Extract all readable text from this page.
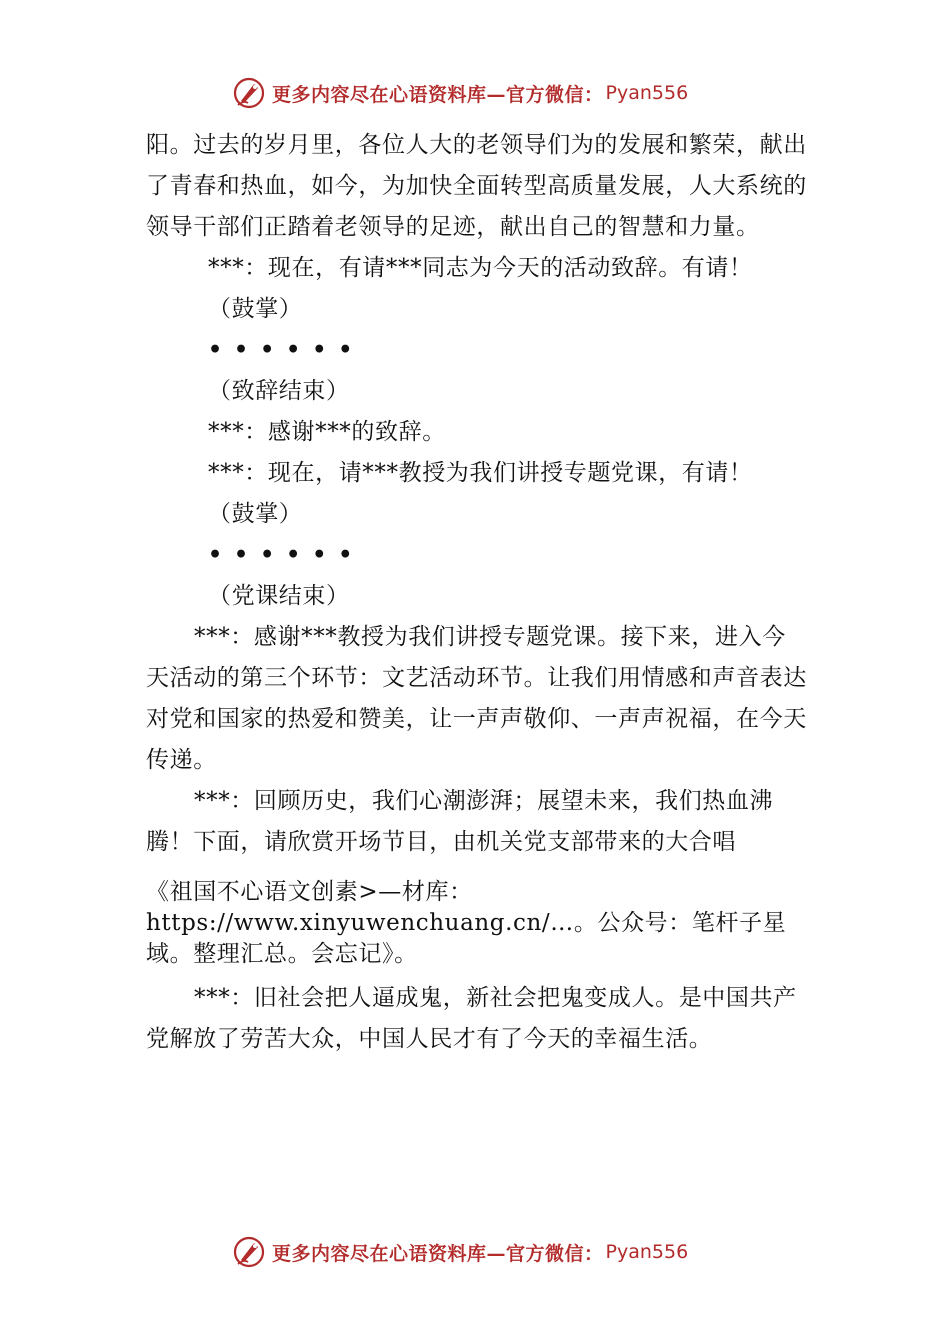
更多内容尽在心语资料库—官方微信： Pyan556

阳。过去的岁月里，各位人大的老领导们为的发展和繁荣，献出了青春和热血，如今，为加快全面转型高质量发展，人大系统的领导干部们正踏着老领导的足迹，献出自己的智慧和力量。

***：现在，有请***同志为今天的活动致辞。有请！

（鼓掌）

••••••

（致辞结束）

***：感谢***的致辞。

***：现在，请***教授为我们讲授专题党课，有请！

（鼓掌）

••••••

（党课结束）

***：感谢***教授为我们讲授专题党课。接下来，进入今天活动的第三个环节：文艺活动环节。让我们用情感和声音表达对党和国家的热爱和赞美，让一声声敬仰、一声声祝福，在今天传递。

***：回顾历史，我们心潮澎湃；展望未来，我们热血沸腾！下面，请欣赏开场节目，由机关党支部带来的大合唱

《祖国不心语文创素>—材库：https://www.xinyuwenchuang.cn/…。公众号：笔杆子星域。整理汇总。会忘记》。

***：旧社会把人逼成鬼，新社会把鬼变成人。是中国共产党解放了劳苦大众，中国人民才有了今天的幸福生活。

更多内容尽在心语资料库—官方微信： Pyan556
